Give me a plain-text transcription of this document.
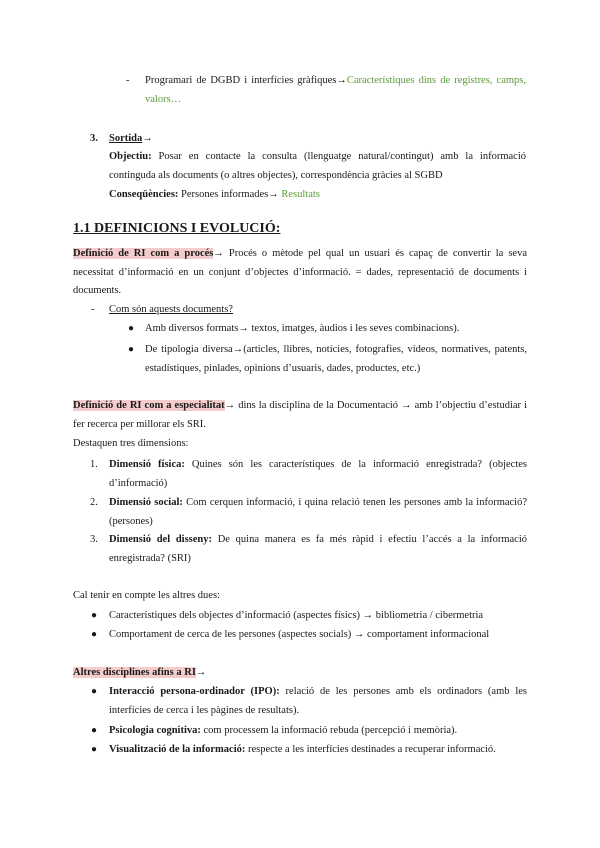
- Programari de DGBD i interfícies gràfiques→Característiques dins de registres, camps, valors…
3. Sortida→
Objectiu: Posar en contacte la consulta (llenguatge natural/contingut) amb la informació continguda als documents (o altres objectes), correspondència gràcies al SGBD
Conseqüències: Persones informades→ Resultats
1.1 DEFINICIONS I EVOLUCIÓ:
Definició de RI com a procés→ Procés o mètode pel qual un usuari és capaç de convertir la seva necessitat d’informació en un conjunt d’objectes d’informació. = dades, representació de documents i documents.
- Com són aquests documents?
● Amb diversos formats→ textos, imatges, àudios i les seves combinacions).
● De tipologia diversa→(articles, llibres, notícies, fotografies, vídeos, normatives, patents, estadístiques, pinlades, opinions d’usuaris, dades, productes, etc.)
Definició de RI com a especialitat→ dins la disciplina de la Documentació → amb l’objectiu d’estudiar i fer recerca per millorar els SRI.
Destaquen tres dimensions:
1. Dimensió física: Quines són les característiques de la informació enregistrada? (objectes d’informació)
2. Dimensió social: Com cerquen informació, i quina relació tenen les persones amb la informació? (persones)
3. Dimensió del disseny: De quina manera es fa més ràpid i efectiu l’accés a la informació enregistrada? (SRI)
Cal tenir en compte les altres dues:
● Característiques dels objectes d’informació (aspectes físics) → bibliometria / cibermetria
● Comportament de cerca de les persones (aspectes socials) → comportament informacional
Altres disciplines afins a RI→
● Interacció persona-ordinador (IPO): relació de les persones amb els ordinadors (amb les interfícies de cerca i les pàgines de resultats).
● Psicologia cognitiva: com processem la informació rebuda (percepció i memòria).
● Visualització de la informació: respecte a les interfícies destinades a recuperar informació.
